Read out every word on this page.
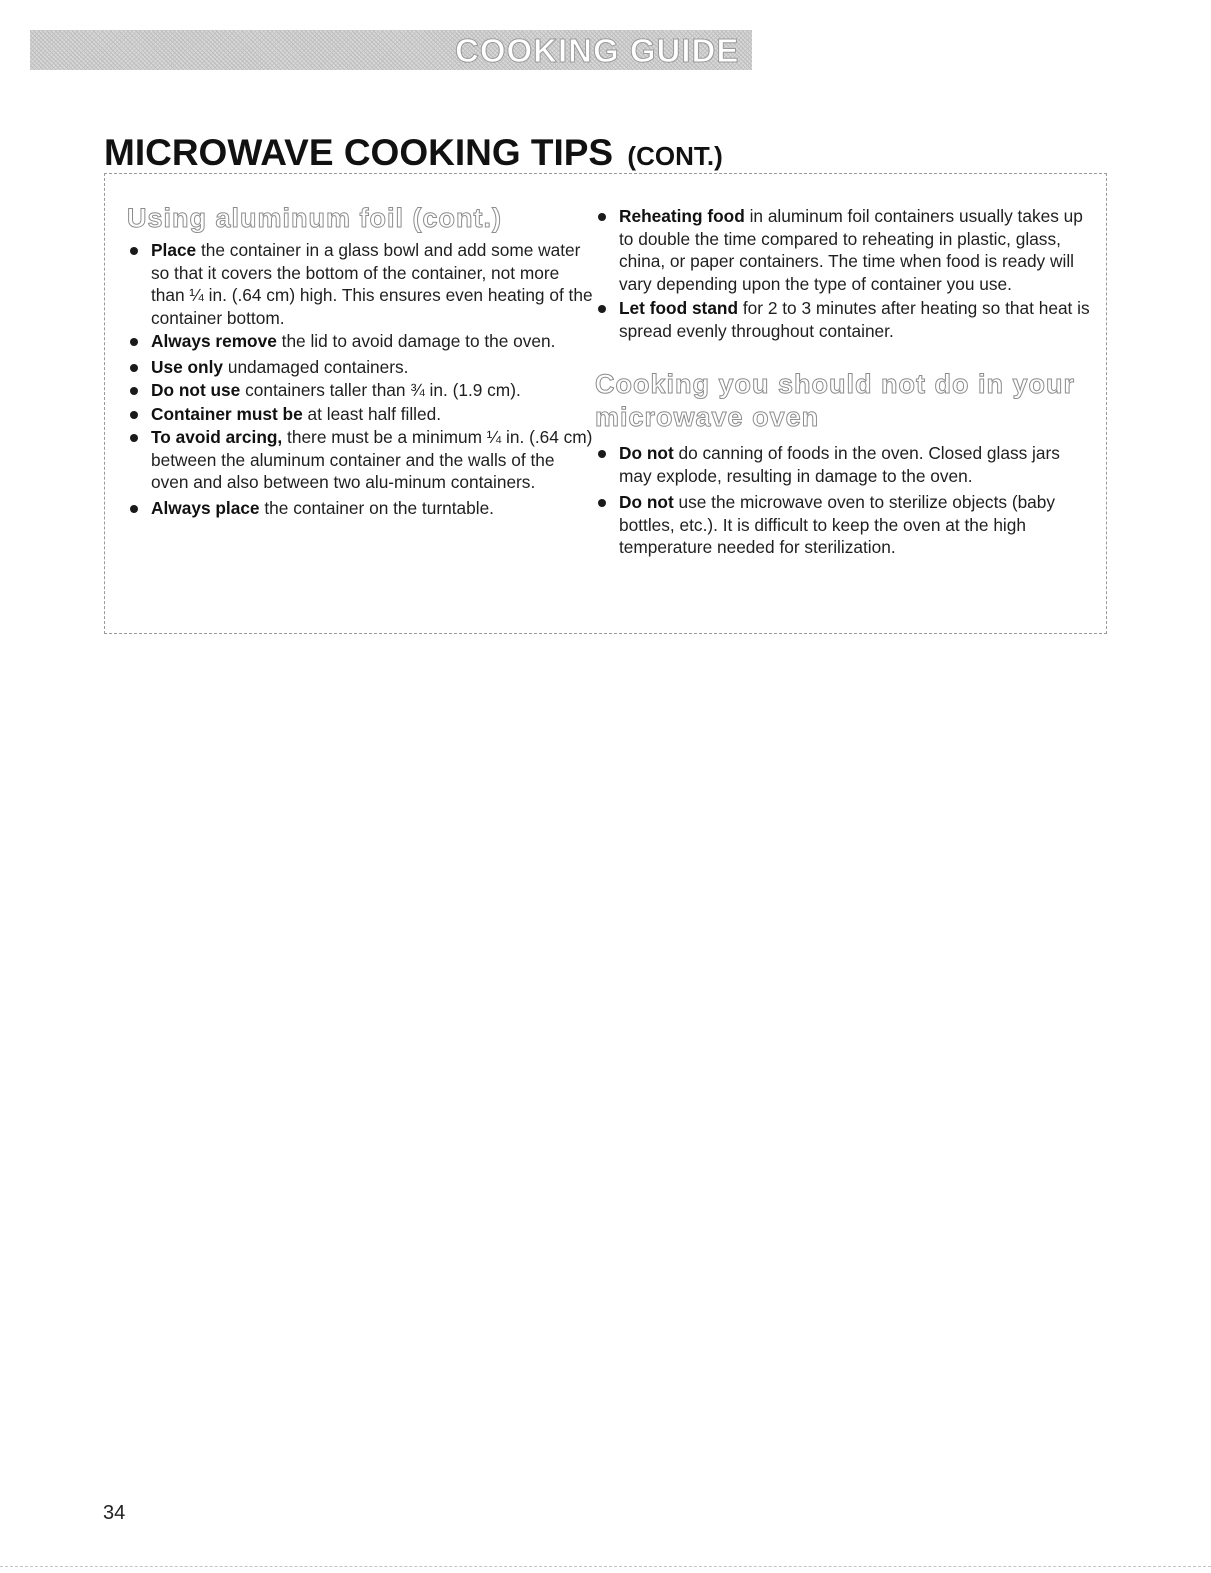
COOKING GUIDE
MICROWAVE COOKING TIPS (CONT.)
Using aluminum foil (cont.)
Place the container in a glass bowl and add some water so that it covers the bottom of the container, not more than ¼ in. (.64 cm) high. This ensures even heating of the container bottom.
Always remove the lid to avoid damage to the oven.
Use only undamaged containers.
Do not use containers taller than ¾ in. (1.9 cm).
Container must be at least half filled.
To avoid arcing, there must be a minimum ¼ in. (.64 cm) between the aluminum container and the walls of the oven and also between two alu-minum containers.
Always place the container on the turntable.
Reheating food in aluminum foil containers usually takes up to double the time compared to reheating in plastic, glass, china, or paper containers. The time when food is ready will vary depending upon the type of container you use.
Let food stand for 2 to 3 minutes after heating so that heat is spread evenly throughout container.
Cooking you should not do in your
microwave oven
Do not do canning of foods in the oven. Closed glass jars may explode, resulting in damage to the oven.
Do not use the microwave oven to sterilize objects (baby bottles, etc.). It is difficult to keep the oven at the high temperature needed for sterilization.
34
